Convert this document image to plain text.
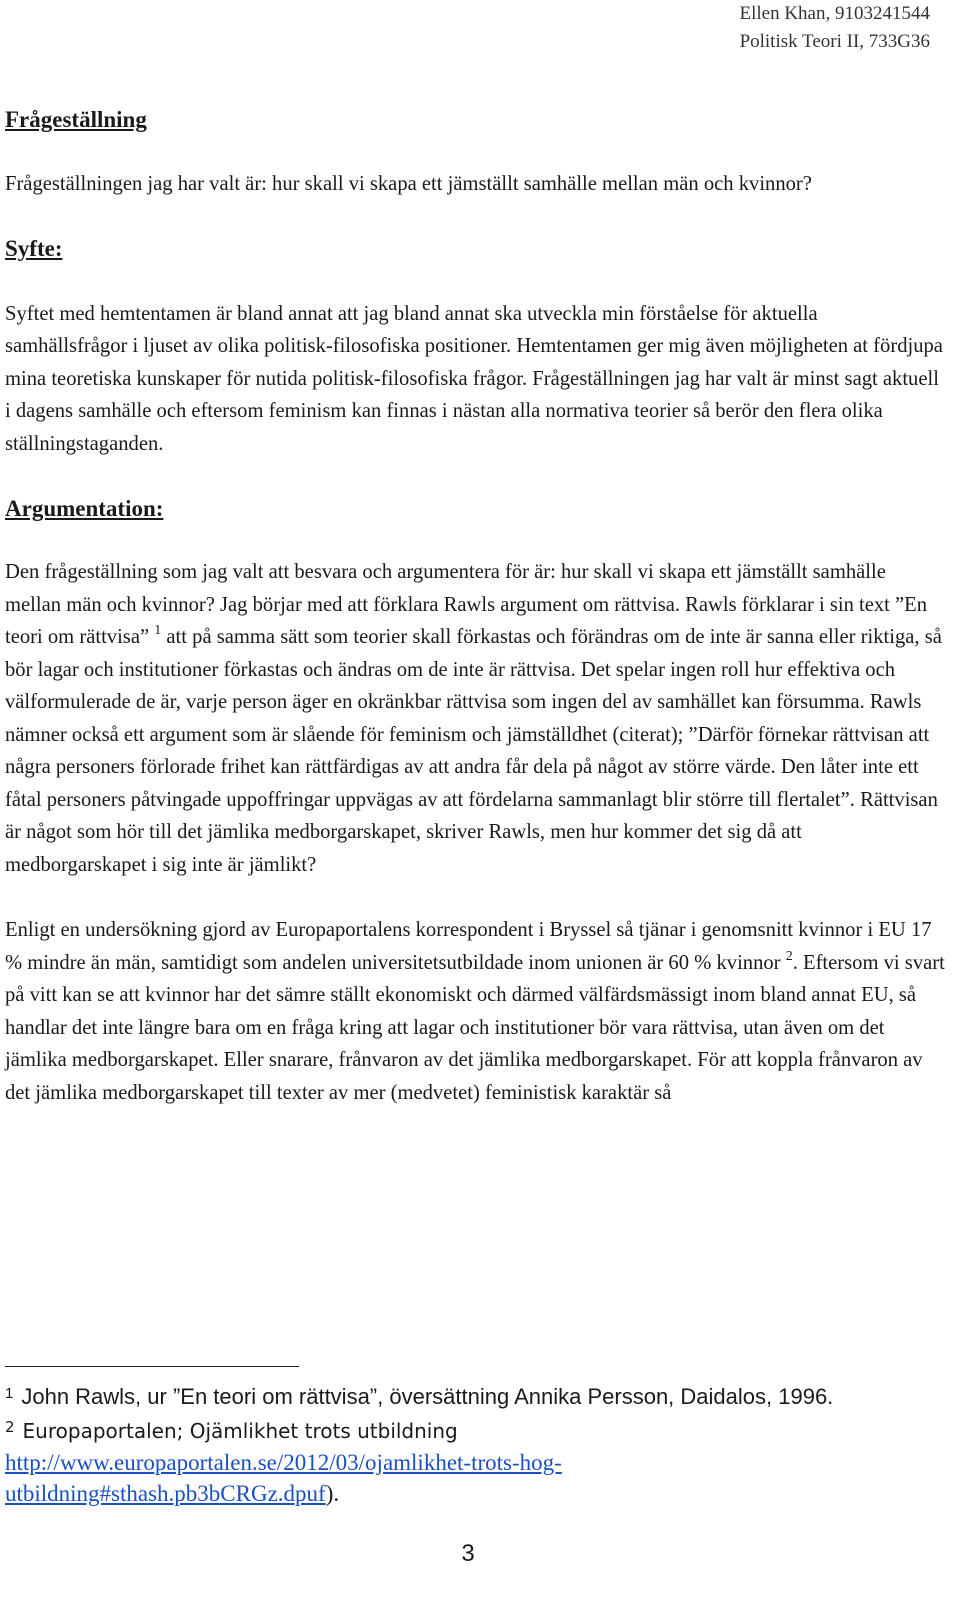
Ellen Khan, 9103241544
Politisk Teori II, 733G36
Frågeställning

Frågeställningen jag har valt är: hur skall vi skapa ett jämställt samhälle mellan män och kvinnor?

Syfte:

Syftet med hemtentamen är bland annat att jag bland annat ska utveckla min förståelse för aktuella samhällsfrågor i ljuset av olika politisk-filosofiska positioner. Hemtentamen ger mig även möjligheten at fördjupa mina teoretiska kunskaper för nutida politisk-filosofiska frågor. Frågeställningen jag har valt är minst sagt aktuell i dagens samhälle och eftersom feminism kan finnas i nästan alla normativa teorier så berör den flera olika ställningstaganden.

Argumentation:

Den frågeställning som jag valt att besvara och argumentera för är: hur skall vi skapa ett jämställt samhälle mellan män och kvinnor? Jag börjar med att förklara Rawls argument om rättvisa. Rawls förklarar i sin text ”En teori om rättvisa” $^1$ att på samma sätt som teorier skall förkastas och förändras om de inte är sanna eller riktiga, så bör lagar och institutioner förkastas och ändras om de inte är rättvisa. Det spelar ingen roll hur effektiva och välformulerade de är, varje person äger en okränkbar rättvisa som ingen del av samhället kan försumma. Rawls nämner också ett argument som är slående för feminism och jämställdhet (citerat); ”Därför förnekar rättvisan att några personers förlorade frihet kan rättfärdigas av att andra får dela på något av större värde. Den låter inte ett fåtal personers påtvingade uppoffringar uppvägas av att fördelarna sammanlagt blir större till flertalet”. Rättvisan är något som hör till det jämlika medborgarskapet, skriver Rawls, men hur kommer det sig då att medborgarskapet i sig inte är jämlikt?

Enligt en undersökning gjord av Europaportalens korrespondent i Bryssel så tjänar i genomsnitt kvinnor i EU 17 % mindre än män, samtidigt som andelen universitetsutbildade inom unionen är 60 % kvinnor $^2$. Eftersom vi svart på vitt kan se att kvinnor har det sämre ställt ekonomiskt och därmed välfärdsmässigt inom bland annat EU, så handlar det inte längre bara om en fråga kring att lagar och institutioner bör vara rättvisa, utan även om det jämlika medborgarskapet. Eller snarare, frånvaron av det jämlika medborgarskapet. För att koppla frånvaron av det jämlika medborgarskapet till texter av mer (medvetet) feministisk karaktär så

$^1$ John Rawls, ur ”En teori om rättvisa”, översättning Annika Persson, Daidalos, 1996.
$^2$ Europaportalen; Ojämlikhet trots utbildning
http://www.europaportalen.se/2012/03/ojamlikhet-trots-hog-
utbildning#sthash.pb3bCRGz.dpuf).
3
